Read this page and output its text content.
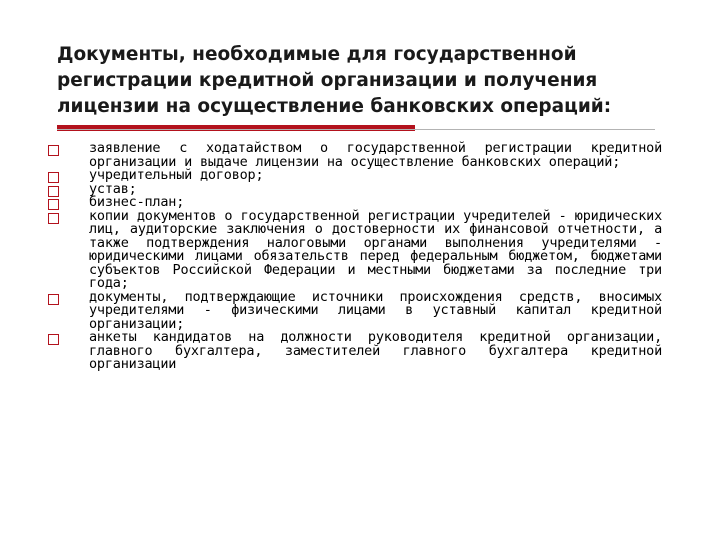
Документы, необходимые для государственной регистрации кредитной организации и получения лицензии на осуществление банковских операций:
заявление с ходатайством о государственной регистрации кредитной организации и выдаче лицензии на осуществление банковских операций;
учредительный договор;
устав;
бизнес-план;
копии документов о государственной регистрации учредителей - юридических лиц, аудиторские заключения о достоверности их финансовой отчетности, а также подтверждения налоговыми органами выполнения учредителями - юридическими лицами обязательств перед федеральным бюджетом, бюджетами субъектов Российской Федерации и местными бюджетами за последние три года;
документы, подтверждающие источники происхождения средств, вносимых учредителями - физическими лицами в уставный капитал кредитной организации;
анкеты кандидатов на должности руководителя кредитной организации, главного бухгалтера, заместителей главного бухгалтера кредитной организации
